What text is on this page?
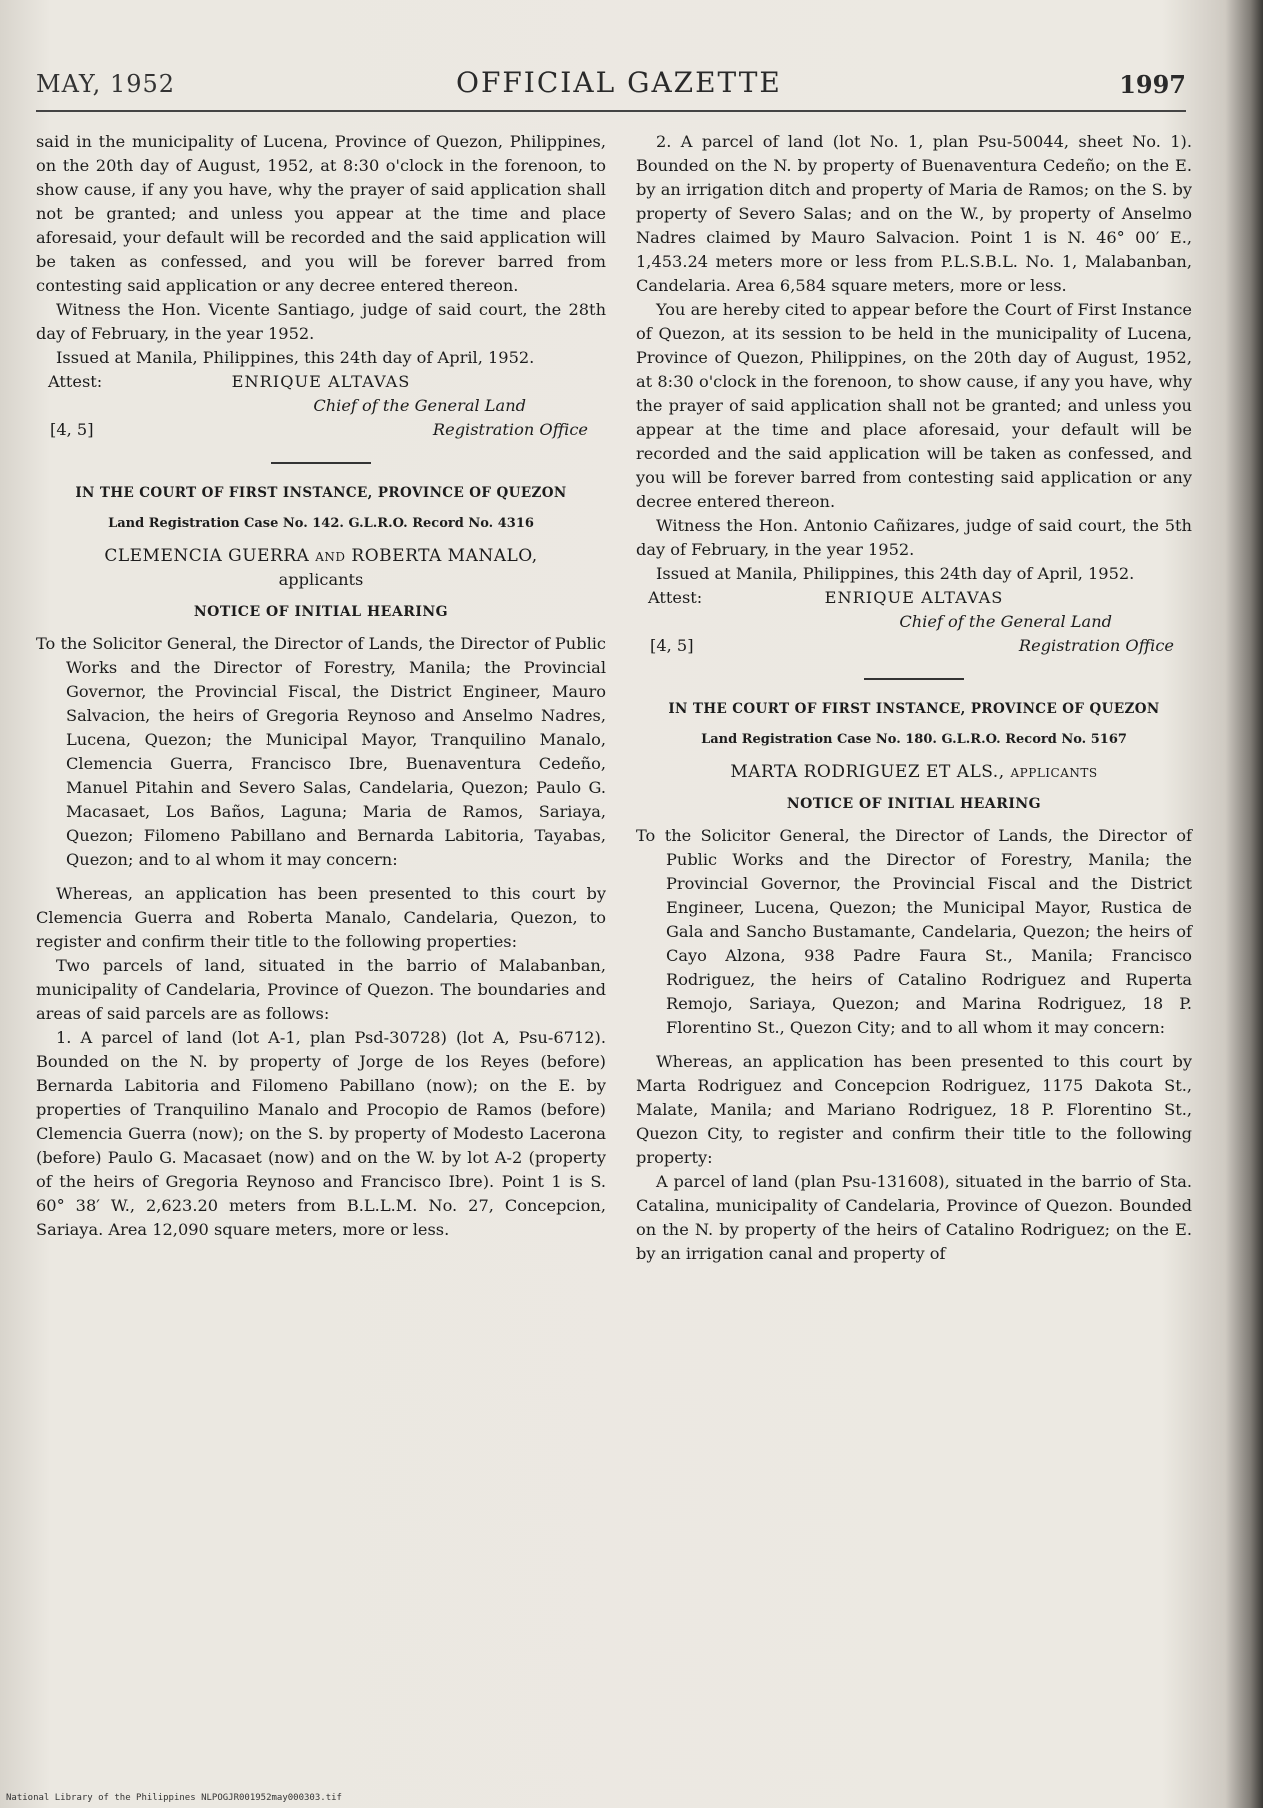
MAY, 1952	OFFICIAL GAZETTE	1997

said in the municipality of Lucena, Province of Quezon, Philippines, on the 20th day of August, 1952, at 8:30 o'clock in the forenoon, to show cause, if any you have, why the prayer of said application shall not be granted; and unless you appear at the time and place aforesaid, your default will be recorded and the said application will be taken as confessed, and you will be forever barred from contesting said application or any decree entered thereon.

Witness the Hon. Vicente Santiago, judge of said court, the 28th day of February, in the year 1952.

Issued at Manila, Philippines, this 24th day of April, 1952.

Attest:	ENRIQUE ALTAVAS

Chief of the General Land

[4, 5]	Registration Office

IN THE COURT OF FIRST INSTANCE, PROVINCE OF QUEZON

Land Registration Case No. 142. G.L.R.O. Record No. 4316

CLEMENCIA GUERRA and ROBERTA MANALO,

applicants

NOTICE OF INITIAL HEARING

To the Solicitor General, the Director of Lands, the Director of Public Works and the Director of Forestry, Manila; the Provincial Governor, the Provincial Fiscal, the District Engineer, Mauro Salvacion, the heirs of Gregoria Reynoso and Anselmo Nadres, Lucena, Quezon; the Municipal Mayor, Tranquilino Manalo, Clemencia Guerra, Francisco Ibre, Buenaventura Cedeño, Manuel Pitahin and Severo Salas, Candelaria, Quezon; Paulo G. Macasaet, Los Baños, Laguna; Maria de Ramos, Sariaya, Quezon; Filomeno Pabillano and Bernarda Labitoria, Tayabas, Quezon; and to al whom it may concern:

Whereas, an application has been presented to this court by Clemencia Guerra and Roberta Manalo, Candelaria, Quezon, to register and confirm their title to the following properties:

Two parcels of land, situated in the barrio of Malabanban, municipality of Candelaria, Province of Quezon. The boundaries and areas of said parcels are as follows:

1. A parcel of land (lot A-1, plan Psd-30728) (lot A, Psu-6712). Bounded on the N. by property of Jorge de los Reyes (before) Bernarda Labitoria and Filomeno Pabillano (now); on the E. by properties of Tranquilino Manalo and Procopio de Ramos (before) Clemencia Guerra (now); on the S. by property of Modesto Lacerona (before) Paulo G. Macasaet (now) and on the W. by lot A-2 (property of the heirs of Gregoria Reynoso and Francisco Ibre). Point 1 is S. 60° 38′ W., 2,623.20 meters from B.L.L.M. No. 27, Concepcion, Sariaya. Area 12,090 square meters, more or less.

2. A parcel of land (lot No. 1, plan Psu-50044, sheet No. 1). Bounded on the N. by property of Buenaventura Cedeño; on the E. by an irrigation ditch and property of Maria de Ramos; on the S. by property of Severo Salas; and on the W., by property of Anselmo Nadres claimed by Mauro Salvacion. Point 1 is N. 46° 00′ E., 1,453.24 meters more or less from P.L.S.B.L. No. 1, Malabanban, Candelaria. Area 6,584 square meters, more or less.

You are hereby cited to appear before the Court of First Instance of Quezon, at its session to be held in the municipality of Lucena, Province of Quezon, Philippines, on the 20th day of August, 1952, at 8:30 o'clock in the forenoon, to show cause, if any you have, why the prayer of said application shall not be granted; and unless you appear at the time and place aforesaid, your default will be recorded and the said application will be taken as confessed, and you will be forever barred from contesting said application or any decree entered thereon.

Witness the Hon. Antonio Cañizares, judge of said court, the 5th day of February, in the year 1952.

Issued at Manila, Philippines, this 24th day of April, 1952.

Attest:	ENRIQUE ALTAVAS

Chief of the General Land

[4, 5]	Registration Office

IN THE COURT OF FIRST INSTANCE, PROVINCE OF QUEZON

Land Registration Case No. 180. G.L.R.O. Record No. 5167

MARTA RODRIGUEZ ET ALS., applicants

NOTICE OF INITIAL HEARING

To the Solicitor General, the Director of Lands, the Director of Public Works and the Director of Forestry, Manila; the Provincial Governor, the Provincial Fiscal and the District Engineer, Lucena, Quezon; the Municipal Mayor, Rustica de Gala and Sancho Bustamante, Candelaria, Quezon; the heirs of Cayo Alzona, 938 Padre Faura St., Manila; Francisco Rodriguez, the heirs of Catalino Rodriguez and Ruperta Remojo, Sariaya, Quezon; and Marina Rodriguez, 18 P. Florentino St., Quezon City; and to all whom it may concern:

Whereas, an application has been presented to this court by Marta Rodriguez and Concepcion Rodriguez, 1175 Dakota St., Malate, Manila; and Mariano Rodriguez, 18 P. Florentino St., Quezon City, to register and confirm their title to the following property:

A parcel of land (plan Psu-131608), situated in the barrio of Sta. Catalina, municipality of Candelaria, Province of Quezon. Bounded on the N. by property of the heirs of Catalino Rodriguez; on the E. by an irrigation canal and property of

National Library of the Philippines NLPOGJR001952may000303.tif
